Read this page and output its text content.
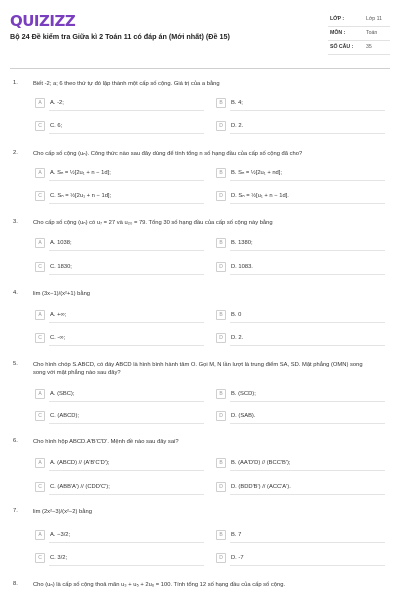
QUIZIZZ
Bộ 24 Đề kiểm tra Giữa kì 2 Toán 11 có đáp án (Mới nhất) (Đề 15)
LỚP :	Lớp 11
MÔN :	Toán
SỐ CÂU : 35
1.	Biết -2; a; 6 theo thứ tự đó lập thành một cấp số cộng. Giá trị của a bằng
A	A. -2;	B	B. 4;
C	C. 6;	D	D. 2.
2.	Cho cấp số cộng (uₙ). Công thức nào sau đây dùng để tính tổng n số hạng đầu của cấp số cộng đã cho?
A	A. Sₙ = ½[2u₁ + n − 1d];	B	B. Sₙ = ½[2u₁ + nd];
C	C. Sₙ = ½[2u₁ + n − 1d];	D	D. Sₙ = ½[u₁ + n − 1d].
3.	Cho cấp số cộng (uₙ) có u₇ = 27 và u₂₀ = 79. Tổng 30 số hạng đầu của cấp số cộng này bằng
A	A. 1038;	B	B. 1380;
C	C. 1830;	D	D. 1083.
4.	lim (3x−1)/(x²+1) bằng
A	A. +∞;	B	B. 0
C	C. -∞;	D	D. 2.
5.	Cho hình chóp S.ABCD, có đáy ABCD là hình bình hành tâm O. Gọi M, N lần lượt là trung điểm SA, SD. Mặt phẳng (OMN) song song với mặt phẳng nào sau đây?
A	A. (SBC);	B	B. (SCD);
C	C. (ABCD);	D	D. (SAB).
6.	Cho hình hộp ABCD.A'B'C'D'. Mệnh đề nào sau đây sai?
A	A. (ABCD) // (A'B'C'D');	B	B. (AA'D'D) // (BCC'B');
C	C. (ABB'A') // (CDD'C');	D	D. (BDD'B') // (ACC'A').
7.	lim (2x²−3)/(x²−2) bằng
A	A. −3/2;	B	B. 7
C	C. 3/2;	D	D. -7
8.	Cho (uₙ) là cấp số cộng thoả mãn u₃ + u₅ + 2u₆ = 100. Tính tổng 12 số hạng đầu của cấp số cộng.
